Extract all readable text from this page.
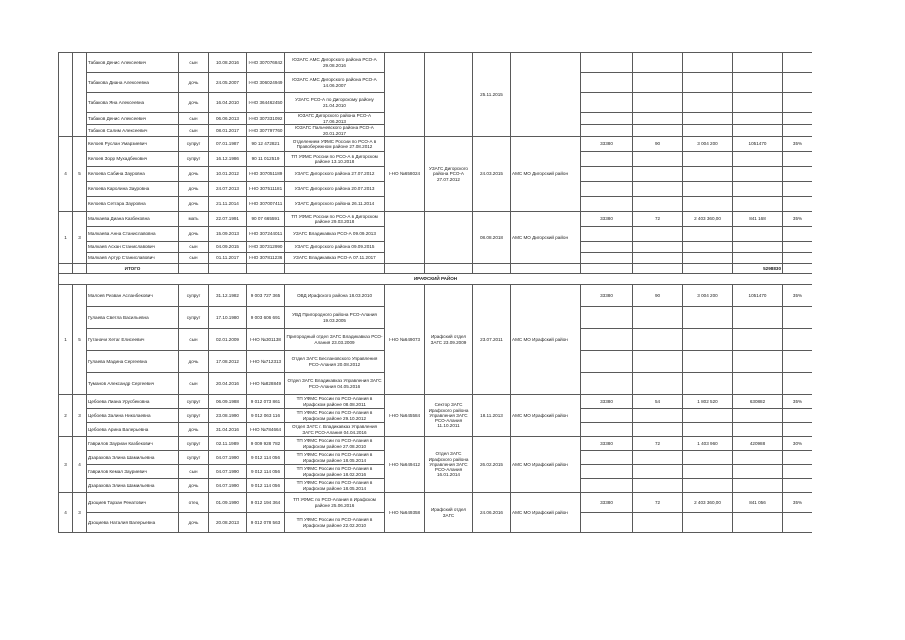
		Табаков Денис Алексеевич	сын	10.08.2016	I-НО 307076842	ЮЗАГС АМС Дигорского района РСО-А 29.08.2016			25.11.2015						
		Табакова Диана Алексеевна	дочь	24.05.2007	I-НО 306024949	ЮЗАГС АМС Дигорского района РСО-А 14.06.2007									
		Табакова Яна Алексеевна	дочь	16.04.2010	I-НО 364462450	УЗАГС РСО-А по Дигорскому району 21.04.2010									
		Табаков Денис Алексеевич	сын	06.06.2013	I-НО 307331092	ЮЗАГС Дигорского района РСО-А 17.06.2013									
		Табаков Салим Алексеевич	сын	08.01.2017	I-НО 307797760	ЮЗАГС Пальчевского района РСО-А 20.01.2017									
4	5	Келоев Руслан Умарзиевич	супруг	07.01.1987	90 12 472821	Отделением УФМС России по РСО-А в Правобережном районе 27.08.2012	I-НО №658024	УЗАГС Дигорского района РСО-А 27.07.2012	24.03.2015	АМС МО Дигорский район	33380	90	3 004 200	1051470	35%
		Келоев Зорр Мухадбекович	супруг	16.12.1986	90 11 012519	ТП УФМС России по РСО-А в Дигорском районе 13.10.2018									
		Келоева Сабина Зауровна	дочь	10.01.2012	I-НО 307051189	УЗАГС Дигорского района 27.07.2012									
		Келоева Каролина Зауровна	дочь	24.07.2013	I-НО 307511181	УЗАГС Дигорского района 20.07.2013									
		Келоева Сетгара Зауровна	дочь	21.11.2014	I-НО 307007411	УЗАГС Дигорского района 26.11.2014									
1	3	Малкаева Диана Казбековна	мать	22.07.1991	90 07 665591	ТП УФМС России по РСО-А в Дигорском районе 29.03.2018			08.08.2018	АМС МО Дигорский район	33380	72	2 403 360,00	841 168	35%
		Малкаева Анна Станиславовна	дочь	15.09.2013	I-НО 307244011	УЗАГС Владикавказ РСО-А 09.09.2013									
		Малкаев Асхан Станиславович	сын	04.09.2015	I-НО 307312990	УЗАГС Дигорского района 09.09.2015									
		Малкаев Артур Станиславович	сын	01.11.2017	I-НО 307811236	УЗАГС Владикавказ РСО-А 07.11.2017									
		ИТОГО												5298830	
ИРАФСКИЙ РАЙОН															
1	5	Малоев Ризван Асланбекович	супруг	31.12.1982	9 003 727 365	ОВД Ирафского района 18.03.2010	I-НО №649073	Ирафский отдел ЗАГС 23.09.2009	23.07.2011	АМС МО Ирафский район	33380	90	3 004 200	1051470	35%
		Гулаева Светла Васильевна	супруг	17.10.1980	9 003 606 691	УВД Пригородного района РСО-Алания 19.03.2005									
		Гутаначи Хетаг Елисеевич	сын	02.01.2009	I-НО №301138	Пригородный отдел ЗАГС Владикавказ РСО-Алания 23.03.2009									
		Гулаева Мадина Сергеевна	дочь	17.08.2012	I-НО №712313	Отдел ЗАГС Беслановского Управления РСО-Алания 20.08.2012									
		Туманов Александр Сергеевич	сын	20.04.2016	I-НО №828849	Отдел ЗАГС Владикавказ Управления ЗАГС РСО-Алания 04.05.2016									
2	3	Цебоева Лиана Урусбековна	супруг	06.09.1988	9 012 073 861	ТП УФМС России по РСО-Алания в Ирафском районе 08.08.2011	I-НО №645584	Сектор ЗАГС Ирафского района Управления ЗАГС РСО-Алания 11.10.2011	18.11.2013	АМС МО Ирафский район	33380	54	1 802 520	630882	35%
		Цебоева Залина Николаевна	супруг	23.08.1990	9 012 063 116	ТП УФМС России по РСО-Алания в Ирафском районе 29.10.2012									
		Цебоева Арина Валерьевна	дочь	31.04.2016	I-НО №784664	Отдел ЗАГС г. Владикавказ Управления ЗАГС РСО-Алания 04.04.2016									
3	4	Гаврилов Зауриан Казбекович	супруг	02.11.1989	9 009 928 782	ТП УФМС России по РСО-Алания в Ирафском районе 27.08.2010	I-НО №649412	Отдел ЗАГС Ирафского района Управления ЗАГС РСО-Алания 16.01.2014	26.02.2015	АМС МО Ирафский район	33380	72	1 403 960	420988	30%
		Дзарахова Элина Шамильевна	супруг	04.07.1990	9 012 114 056	ТП УФМС России по РСО-Алания в Ирафском районе 18.05.2014									
		Гаврилов Кемал Зауриевич	сын	04.07.1990	9 012 114 056	ТП УФМС России по РСО-Алания в Ирафском районе 18.02.2016									
		Дзарахова Элина Шамильевна	дочь	04.07.1990	9 012 114 056	ТП УФМС России по РСО-Алания в Ирафском районе 18.05.2014									
4	3	Дзоциев Тарзан Ренатович	отец	01.09.1990	9 012 194 364	ТП УФМС по РСО-Алания в Ирафском районе 25.06.2016	I-НО №649358	Ирафский отдел ЗАГС	24.06.2016	АМС МО Ирафский район	33380	72	2 403 360,00	841 056	35%
		Дзоциева Наталия Валерьевна	дочь	20.08.2013	9 012 078 563	ТП УФМС России по РСО-Алания в Ирафском районе 22.02.2010									
